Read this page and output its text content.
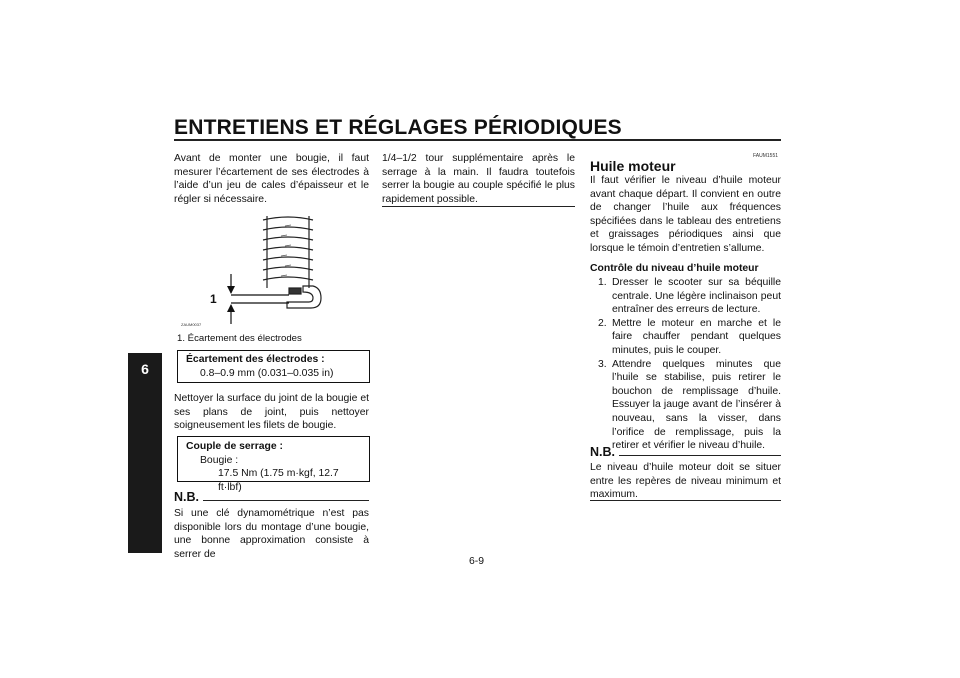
ENTRETIENS ET RÉGLAGES PÉRIODIQUES
6
Avant de monter une bougie, il faut mesurer l’écartement de ses électrodes à l’aide d’un jeu de cales d’épaisseur et le régler si nécessaire.
1
ZAUM0037
1. Écartement des électrodes
Écartement des électrodes :
0.8–0.9 mm (0.031–0.035 in)
Nettoyer la surface du joint de la bougie et ses plans de joint, puis nettoyer soigneusement les filets de bougie.
Couple de serrage :
Bougie :
17.5 Nm (1.75 m·kgf, 12.7 ft·lbf)
N.B.
Si une clé dynamométrique n’est pas disponible lors du montage d’une bougie, une bonne approximation consiste à serrer de
1/4–1/2 tour supplémentaire après le serrage à la main. Il faudra toutefois serrer la bougie au couple spécifié le plus rapidement possible.
FAUM1551
Huile moteur
Il faut vérifier le niveau d’huile moteur avant chaque départ. Il convient en outre de changer l’huile aux fréquences spécifiées dans le tableau des entretiens et graissages périodiques ainsi que lorsque le témoin d’entretien s’allume.
Contrôle du niveau d’huile moteur
1. Dresser le scooter sur sa béquille centrale. Une légère inclinaison peut entraîner des erreurs de lecture.
2. Mettre le moteur en marche et le faire chauffer pendant quelques minutes, puis le couper.
3. Attendre quelques minutes que l’huile se stabilise, puis retirer le bouchon de remplissage d’huile. Essuyer la jauge avant de l’insérer à nouveau, sans la visser, dans l’orifice de remplissage, puis la retirer et vérifier le niveau d’huile.
N.B.
Le niveau d’huile moteur doit se situer entre les repères de niveau minimum et maximum.
6-9
